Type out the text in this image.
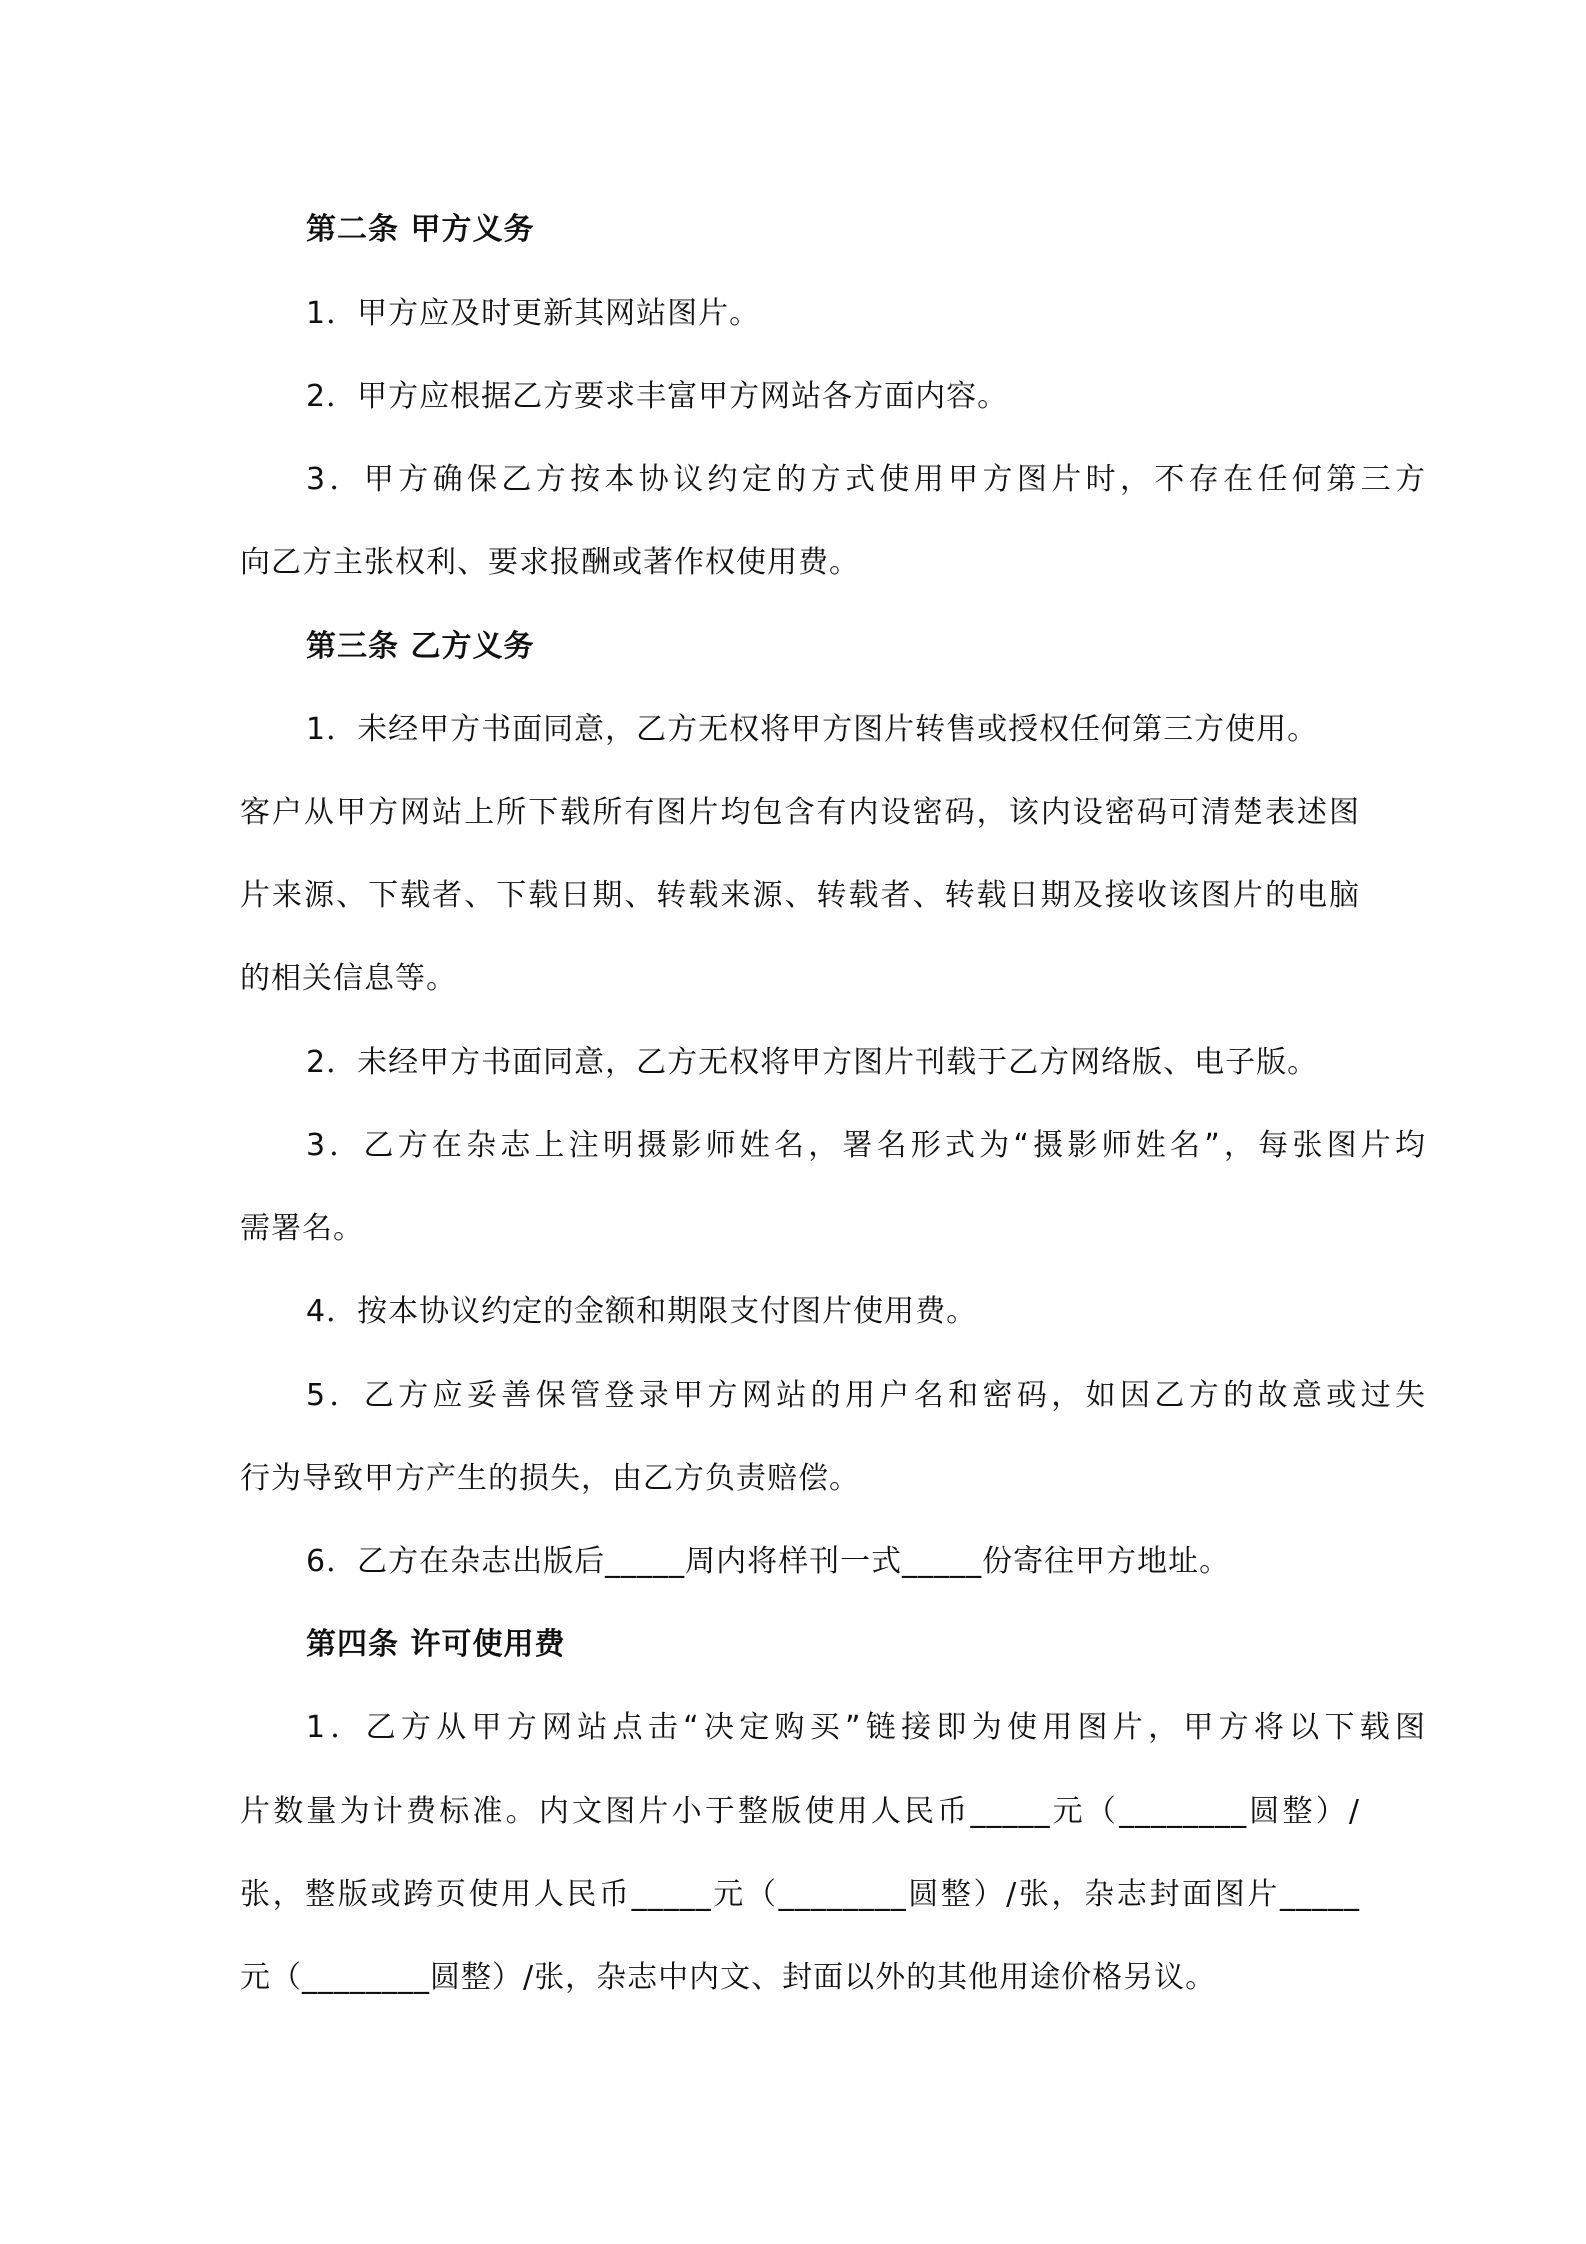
第二条 甲方义务
1．甲方应及时更新其网站图片。
2．甲方应根据乙方要求丰富甲方网站各方面内容。
3．甲方确保乙方按本协议约定的方式使用甲方图片时，不存在任何第三方
向乙方主张权利、要求报酬或著作权使用费。
第三条 乙方义务
1．未经甲方书面同意，乙方无权将甲方图片转售或授权任何第三方使用。
客户从甲方网站上所下载所有图片均包含有内设密码，该内设密码可清楚表述图
片来源、下载者、下载日期、转载来源、转载者、转载日期及接收该图片的电脑
的相关信息等。
2．未经甲方书面同意，乙方无权将甲方图片刊载于乙方网络版、电子版。
3．乙方在杂志上注明摄影师姓名，署名形式为“摄影师姓名”，每张图片均
需署名。
4．按本协议约定的金额和期限支付图片使用费。
5．乙方应妥善保管登录甲方网站的用户名和密码，如因乙方的故意或过失
行为导致甲方产生的损失，由乙方负责赔偿。
6．乙方在杂志出版后_____周内将样刊一式_____份寄往甲方地址。
第四条 许可使用费
1．乙方从甲方网站点击“决定购买”链接即为使用图片，甲方将以下载图
片数量为计费标准。内文图片小于整版使用人民币_____元（________圆整）/
张，整版或跨页使用人民币_____元（________圆整）/张，杂志封面图片_____
元（________圆整）/张，杂志中内文、封面以外的其他用途价格另议。
